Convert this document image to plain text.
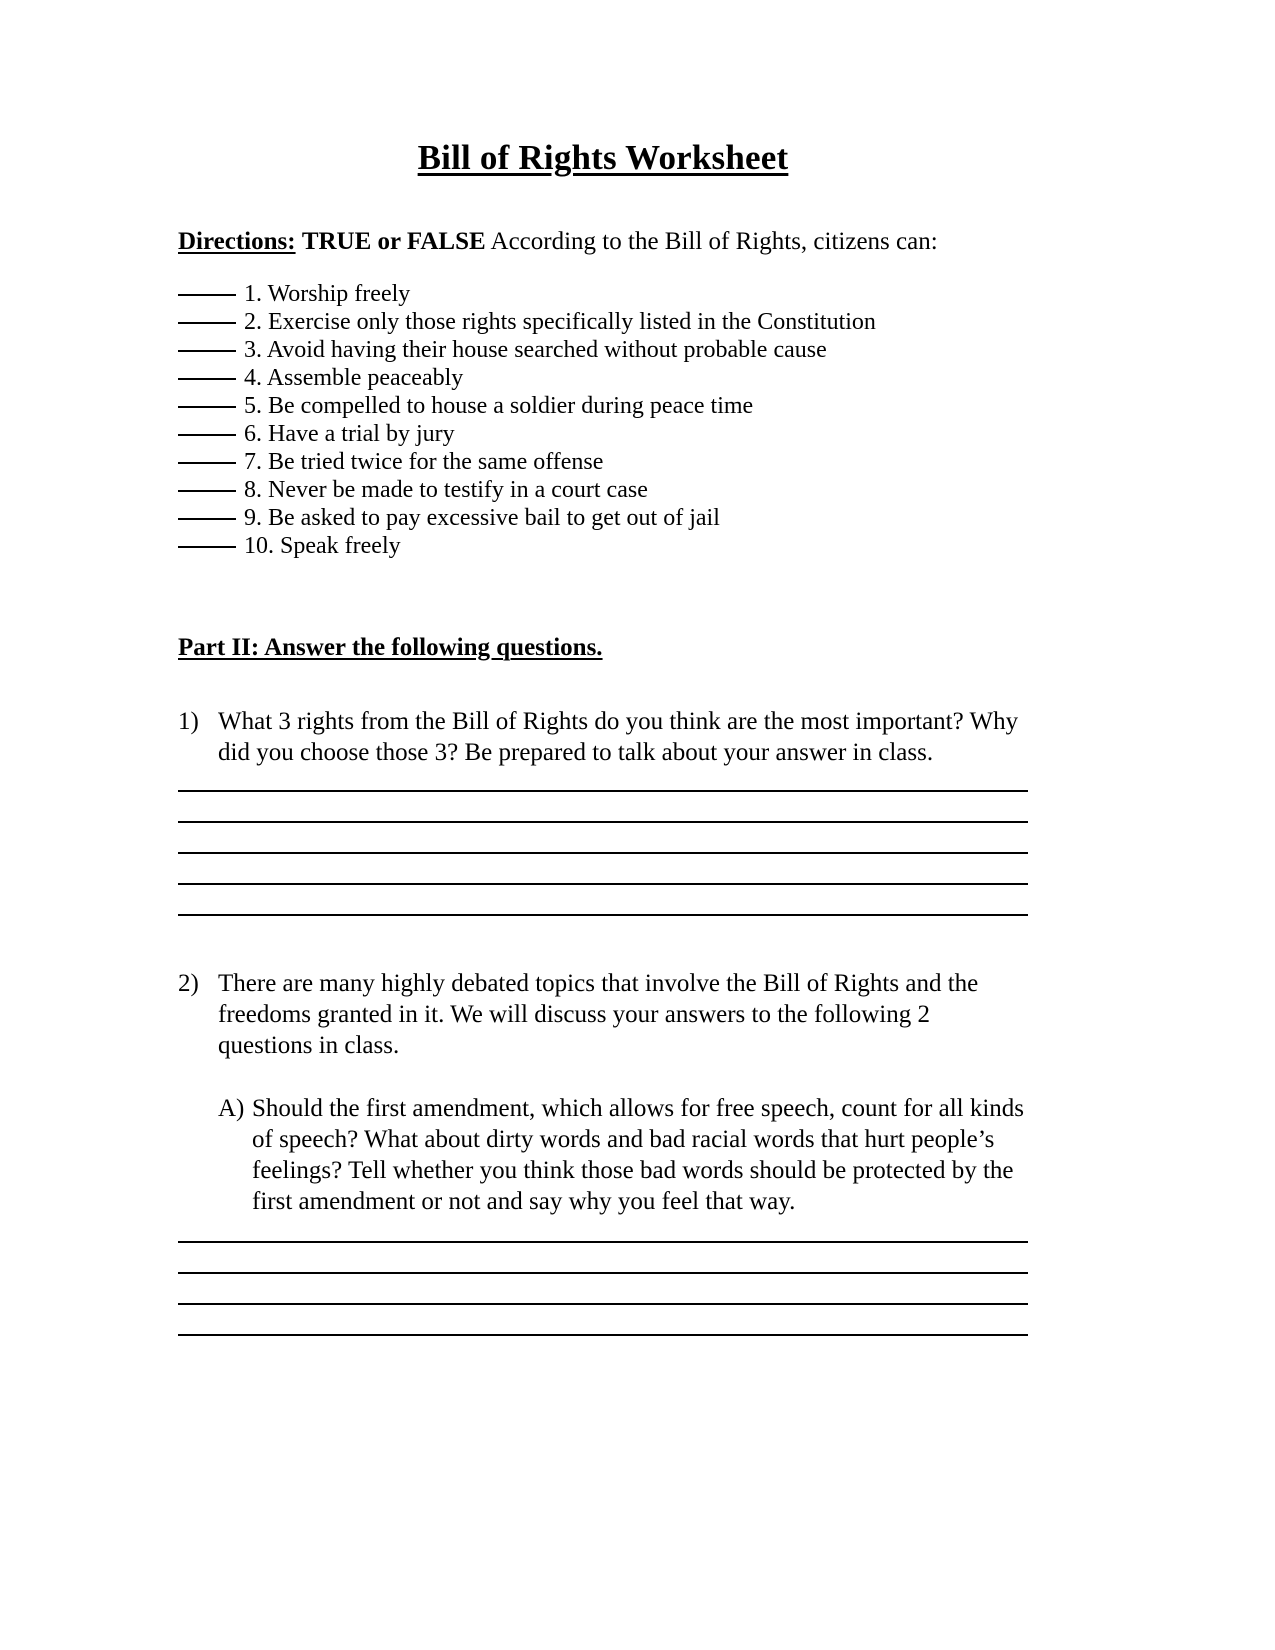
Bill of Rights Worksheet
Directions: TRUE or FALSE According to the Bill of Rights, citizens can:
1. Worship freely
2. Exercise only those rights specifically listed in the Constitution
3. Avoid having their house searched without probable cause
4. Assemble peaceably
5. Be compelled to house a soldier during peace time
6. Have a trial by jury
7. Be tried twice for the same offense
8. Never be made to testify in a court case
9. Be asked to pay excessive bail to get out of jail
10. Speak freely
Part II: Answer the following questions.
1) What 3 rights from the Bill of Rights do you think are the most important? Why did you choose those 3? Be prepared to talk about your answer in class.

2) There are many highly debated topics that involve the Bill of Rights and the freedoms granted in it. We will discuss your answers to the following 2 questions in class.

A) Should the first amendment, which allows for free speech, count for all kinds of speech? What about dirty words and bad racial words that hurt people’s feelings? Tell whether you think those bad words should be protected by the first amendment or not and say why you feel that way.
